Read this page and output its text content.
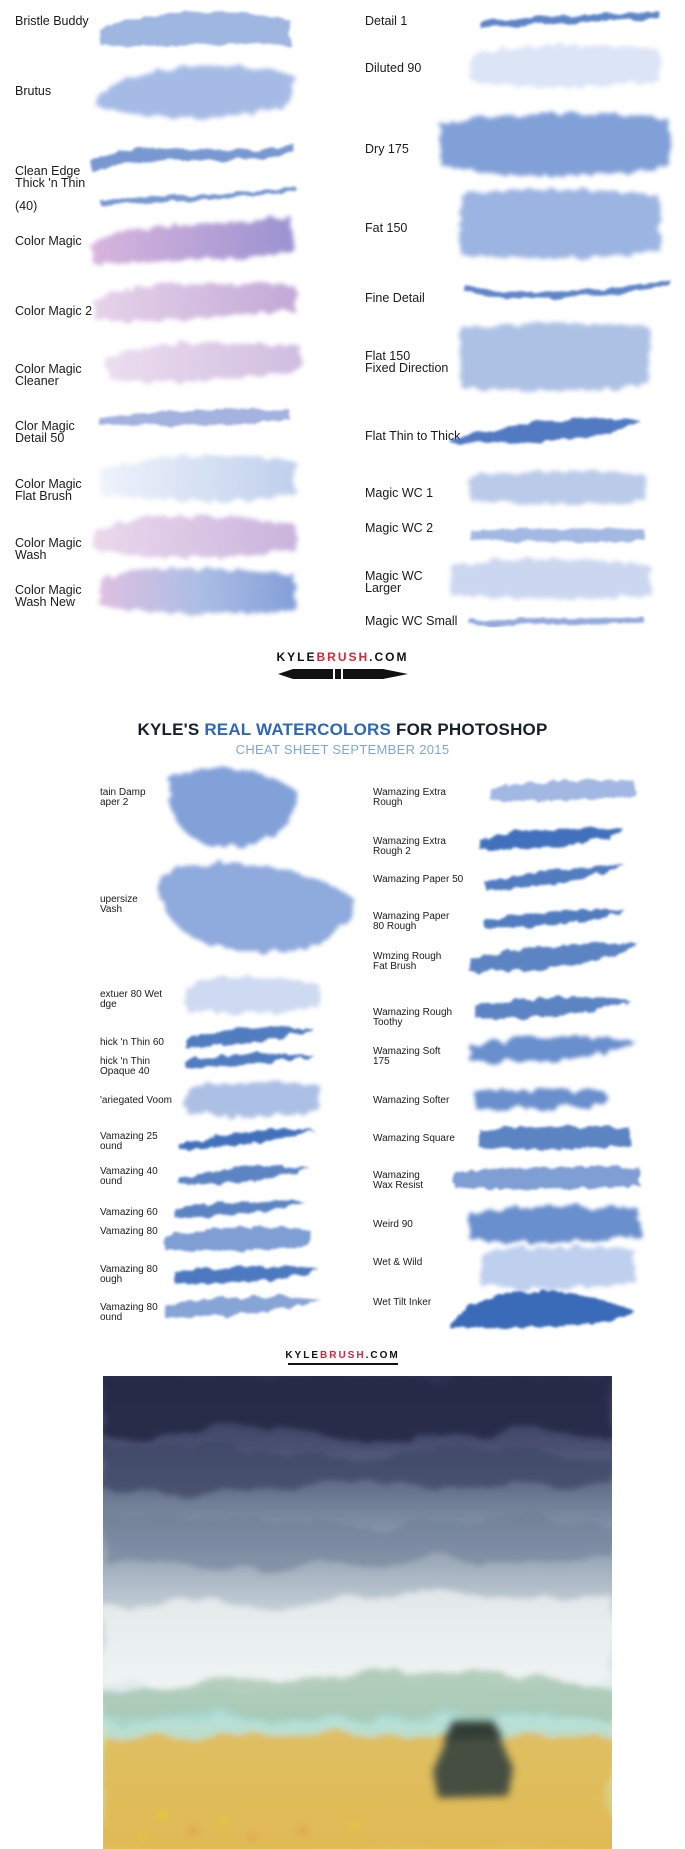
Bristle Buddy
Brutus
Clean Edge
Thick 'n Thin
(40)
Color Magic
Color Magic 2
Color Magic
Cleaner
Clor Magic
Detail 50
Color Magic
Flat Brush
Color Magic
Wash
Color Magic
Wash New
Detail 1
Diluted 90
Dry 175
Fat 150
Fine Detail
Flat 150
Fixed Direction
Flat Thin to Thick
Magic WC 1
Magic WC 2
Magic WC
Larger
Magic WC Small
KYLEBRUSH.COM
KYLE'S REAL WATERCOLORS FOR PHOTOSHOP
CHEAT SHEET SEPTEMBER 2015
tain Damp
aper 2
upersize
Vash
extuer 80 Wet
dge
hick 'n Thin 60
hick 'n Thin
Opaque 40
'ariegated Voom
Vamazing 25
ound
Vamazing 40
ound
Vamazing 60
Vamazing 80
Vamazing 80
ough
Vamazing 80
ound
Wamazing Extra
Rough
Wamazing Extra
Rough 2
Wamazing Paper 50
Wamazing Paper
80 Rough
Wmzing Rough
Fat Brush
Wamazing Rough
Toothy
Wamazing Soft
175
Wamazing Softer
Wamazing Square
Wamazing
Wax Resist
Weird 90
Wet & Wild
Wet Tilt Inker
KYLEBRUSH.COM
